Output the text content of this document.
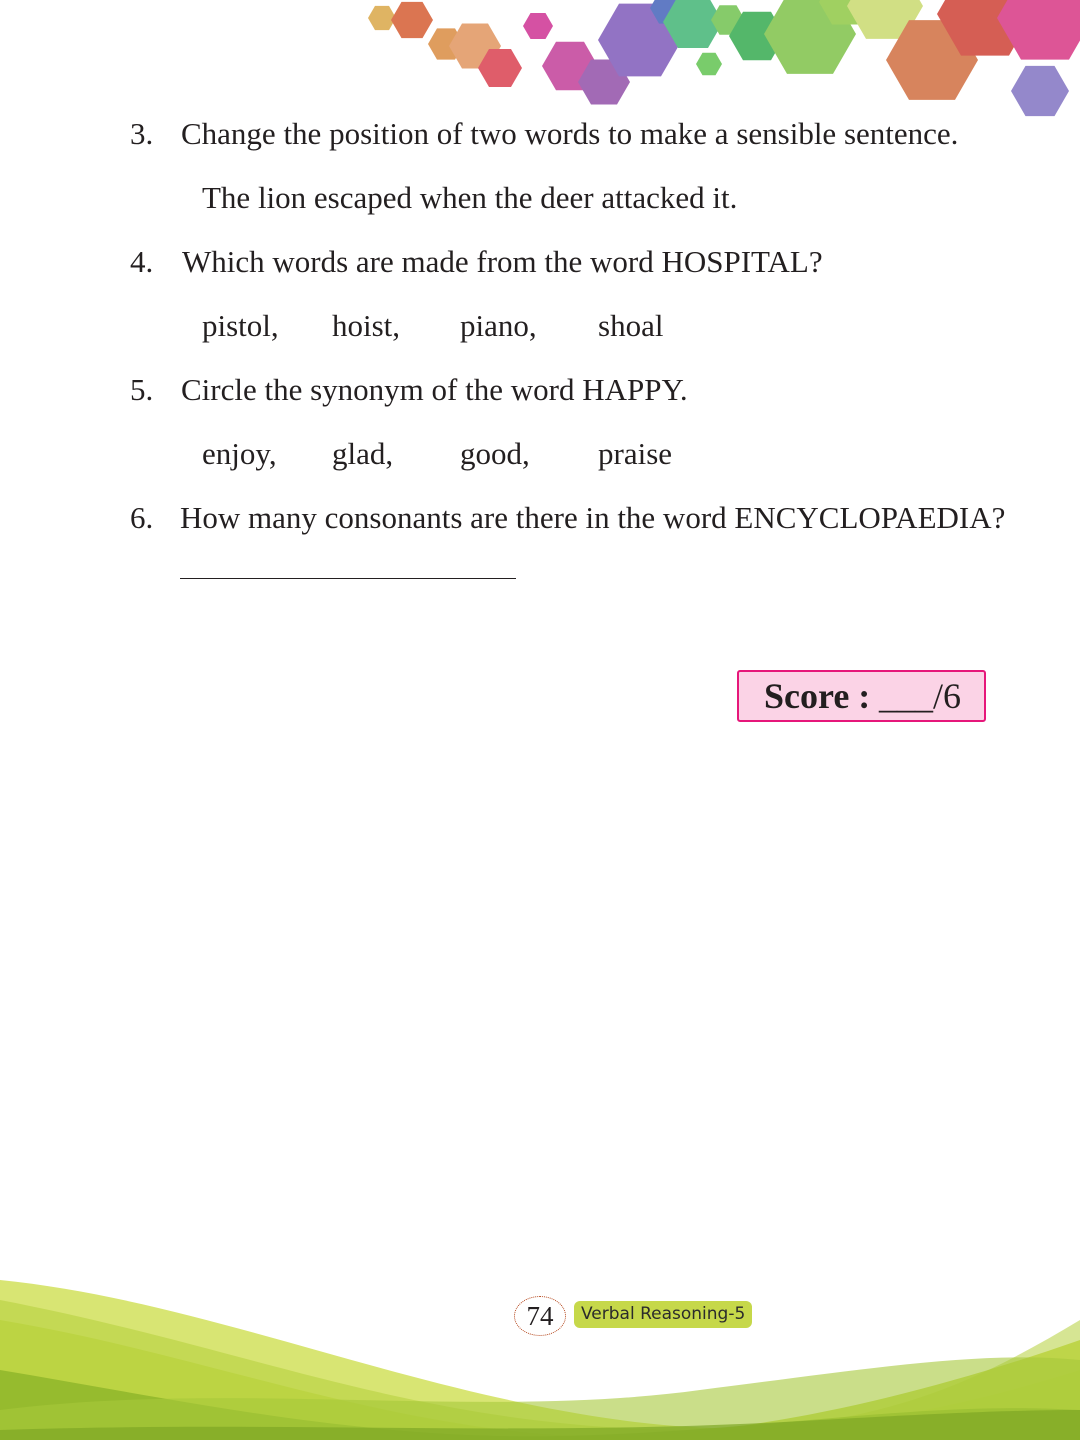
3. Change the position of two words to make a sensible sentence.
The lion escaped when the deer attacked it.
4. Which words are made from the word HOSPITAL?
pistol, hoist, piano, shoal
5. Circle the synonym of the word HAPPY.
enjoy, glad, good, praise
6. How many consonants are there in the word ENCYCLOPAEDIA?
Score : ___/6
74	Verbal Reasoning-5
